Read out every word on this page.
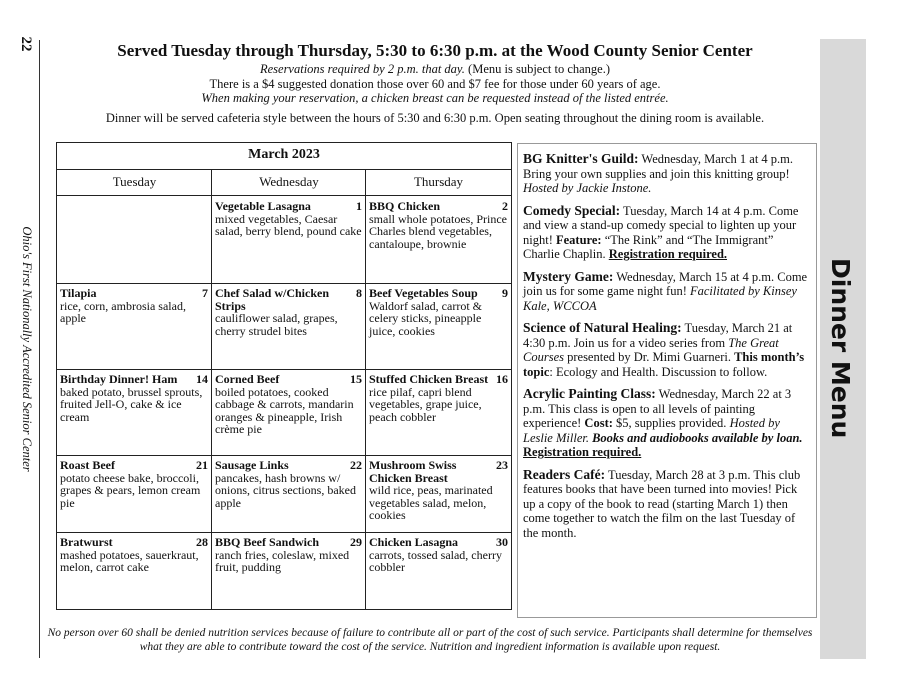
22
Ohio's First Nationally Accredited Senior Center
Served Tuesday through Thursday, 5:30 to 6:30 p.m. at the Wood County Senior Center
Reservations required by 2 p.m. that day. (Menu is subject to change.)
There is a $4 suggested donation those over 60 and $7 fee for those under 60 years of age.
When making your reservation, a chicken breast can be requested instead of the listed entrée.
Dinner will be served cafeteria style between the hours of 5:30 and 6:30 p.m. Open seating throughout the dining room is available.
March 2023
Tuesday	Wednesday	Thursday
1
Vegetable Lasagna
mixed vegetables, Caesar salad, berry blend, pound cake
2
BBQ Chicken
small whole potatoes, Prince Charles blend vegetables, cantaloupe, brownie
7
Tilapia
rice, corn, ambrosia salad, apple
8
Chef Salad w/Chicken Strips
cauliflower salad, grapes, cherry strudel bites
9
Beef Vegetables Soup
Waldorf salad, carrot & celery sticks, pineapple juice, cookies
14
Birthday Dinner! Ham
baked potato, brussel sprouts, fruited Jell-O, cake & ice cream
15
Corned Beef
boiled potatoes, cooked cabbage & carrots, mandarin oranges & pineapple, Irish crème pie
16
Stuffed Chicken Breast
rice pilaf, capri blend vegetables, grape juice, peach cobbler
21
Roast Beef
potato cheese bake, broccoli, grapes & pears, lemon cream pie
22
Sausage Links
pancakes, hash browns w/ onions, citrus sections, baked apple
23
Mushroom Swiss Chicken Breast
wild rice, peas, marinated vegetables salad, melon, cookies
28
Bratwurst
mashed potatoes, sauerkraut, melon, carrot cake
29
BBQ Beef Sandwich
ranch fries, coleslaw, mixed fruit, pudding
30
Chicken Lasagna
carrots, tossed salad, cherry cobbler
BG Knitter's Guild: Wednesday, March 1 at 4 p.m. Bring your own supplies and join this knitting group! Hosted by Jackie Instone.
Comedy Special: Tuesday, March 14 at 4 p.m. Come and view a stand-up comedy special to lighten up your night! Feature: “The Rink” and “The Immigrant” Charlie Chaplin. Registration required.
Mystery Game: Wednesday, March 15 at 4 p.m. Come join us for some game night fun! Facilitated by Kinsey Kale, WCCOA
Science of Natural Healing: Tuesday, March 21 at 4:30 p.m. Join us for a video series from The Great Courses presented by Dr. Mimi Guarneri. This month’s topic: Ecology and Health. Discussion to follow.
Acrylic Painting Class: Wednesday, March 22 at 3 p.m. This class is open to all levels of painting experience! Cost: $5, supplies provided. Hosted by Leslie Miller. Books and audiobooks available by loan. Registration required.
Readers Café: Tuesday, March 28 at 3 p.m. This club features books that have been turned into movies! Pick up a copy of the book to read (starting March 1) then come together to watch the film on the last Tuesday of the month.
Dinner Menu
No person over 60 shall be denied nutrition services because of failure to contribute all or part of the cost of such service. Participants shall determine for themselves what they are able to contribute toward the cost of the service. Nutrition and ingredient information is available upon request.
